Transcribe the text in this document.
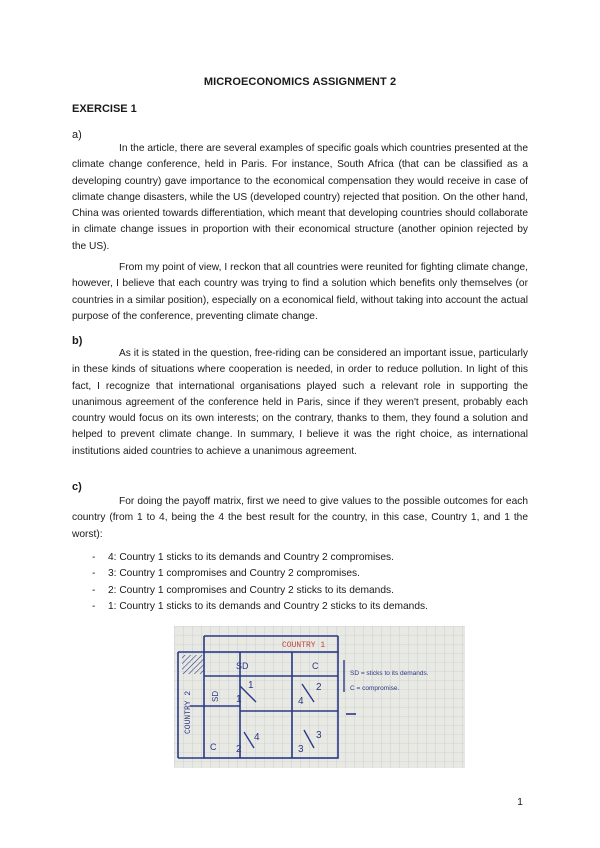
MICROECONOMICS ASSIGNMENT 2
EXERCISE 1
a)

In the article, there are several examples of specific goals which countries presented at the climate change conference, held in Paris. For instance, South Africa (that can be classified as a developing country) gave importance to the economical compensation they would receive in case of climate change disasters, while the US (developed country) rejected that position. On the other hand, China was oriented towards differentiation, which meant that developing countries should collaborate in climate change issues in proportion with their economical structure (another opinion rejected by the US).

From my point of view, I reckon that all countries were reunited for fighting climate change, however, I believe that each country was trying to find a solution which benefits only themselves (or countries in a similar position), especially on a economical field, without taking into account the actual purpose of the conference, preventing climate change.

b)

As it is stated in the question, free-riding can be considered an important issue, particularly in these kinds of situations where cooperation is needed, in order to reduce pollution. In light of this fact, I recognize that international organisations played such a relevant role in supporting the unanimous agreement of the conference held in Paris, since if they weren't present, probably each country would focus on its own interests; on the contrary, thanks to them, they found a solution and helped to prevent climate change. In summary, I believe it was the right choice, as international institutions aided countries to achieve a unanimous agreement.

c)

For doing the payoff matrix, first we need to give values to the possible outcomes for each country (from 1 to 4, being the 4 the best result for the country, in this case, Country 1, and 1 the worst):

- 4: Country 1 sticks to its demands and Country 2 compromises.
- 3: Country 1 compromises and Country 2 compromises.
- 2: Country 1 compromises and Country 2 sticks to its demands.
- 1: Country 1 sticks to its demands and Country 2 sticks to its demands.
COUNTRY 1
COUNTRY 2
SD	C
SD
C
1
1
2
4
4
2
3
3
SD = sticks to its demands.
C = compromise.
1
